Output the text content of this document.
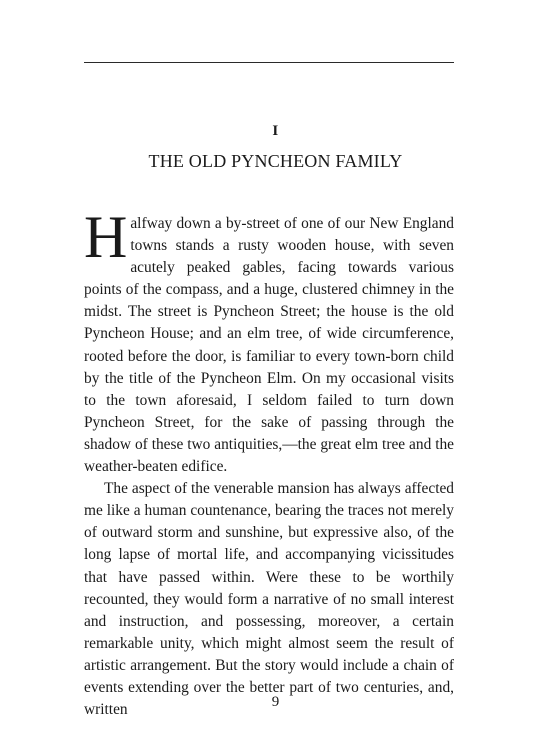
I
THE OLD PYNCHEON FAMILY

Halfway down a by-street of one of our New England towns stands a rusty wooden house, with seven acutely peaked gables, facing towards various points of the compass, and a huge, clustered chimney in the midst. The street is Pyncheon Street; the house is the old Pyncheon House; and an elm tree, of wide circumference, rooted before the door, is familiar to every town-born child by the title of the Pyncheon Elm. On my occasional visits to the town aforesaid, I seldom failed to turn down Pyncheon Street, for the sake of passing through the shadow of these two antiquities,—the great elm tree and the weather-beaten edifice.

The aspect of the venerable mansion has always affected me like a human countenance, bearing the traces not merely of outward storm and sunshine, but expressive also, of the long lapse of mortal life, and accompanying vicissitudes that have passed within. Were these to be worthily recounted, they would form a narrative of no small interest and instruction, and possessing, moreover, a certain remarkable unity, which might almost seem the result of artistic arrangement. But the story would include a chain of events extending over the better part of two centuries, and, written	9
